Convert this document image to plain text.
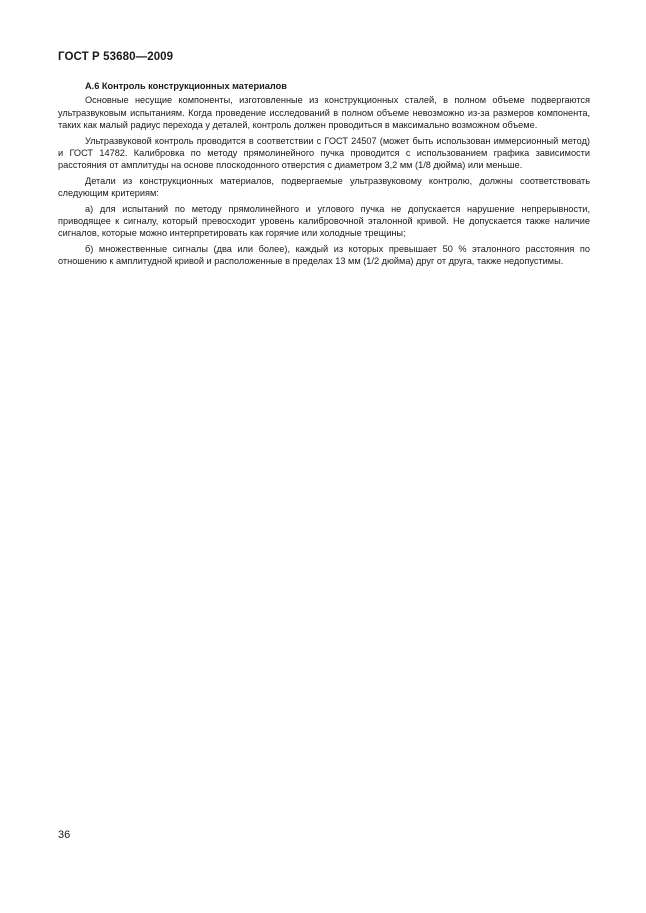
ГОСТ Р 53680—2009
А.6 Контроль конструкционных материалов

Основные несущие компоненты, изготовленные из конструкционных сталей, в полном объеме подвергаются ультразвуковым испытаниям. Когда проведение исследований в полном объеме невозможно из-за размеров компонента, таких как малый радиус перехода у деталей, контроль должен проводиться в максимально возможном объеме.

Ультразвуковой контроль проводится в соответствии с ГОСТ 24507 (может быть использован иммерсионный метод) и ГОСТ 14782. Калибровка по методу прямолинейного пучка проводится с использованием графика зависимости расстояния от амплитуды на основе плоскодонного отверстия с диаметром 3,2 мм (1/8 дюйма) или меньше.

Детали из конструкционных материалов, подвергаемые ультразвуковому контролю, должны соответствовать следующим критериям:

а) для испытаний по методу прямолинейного и углового пучка не допускается нарушение непрерывности, приводящее к сигналу, который превосходит уровень калибровочной эталонной кривой. Не допускается также наличие сигналов, которые можно интерпретировать как горячие или холодные трещины;

б) множественные сигналы (два или более), каждый из которых превышает 50 % эталонного расстояния по отношению к амплитудной кривой и расположенные в пределах 13 мм (1/2 дюйма) друг от друга, также недопустимы.

36
